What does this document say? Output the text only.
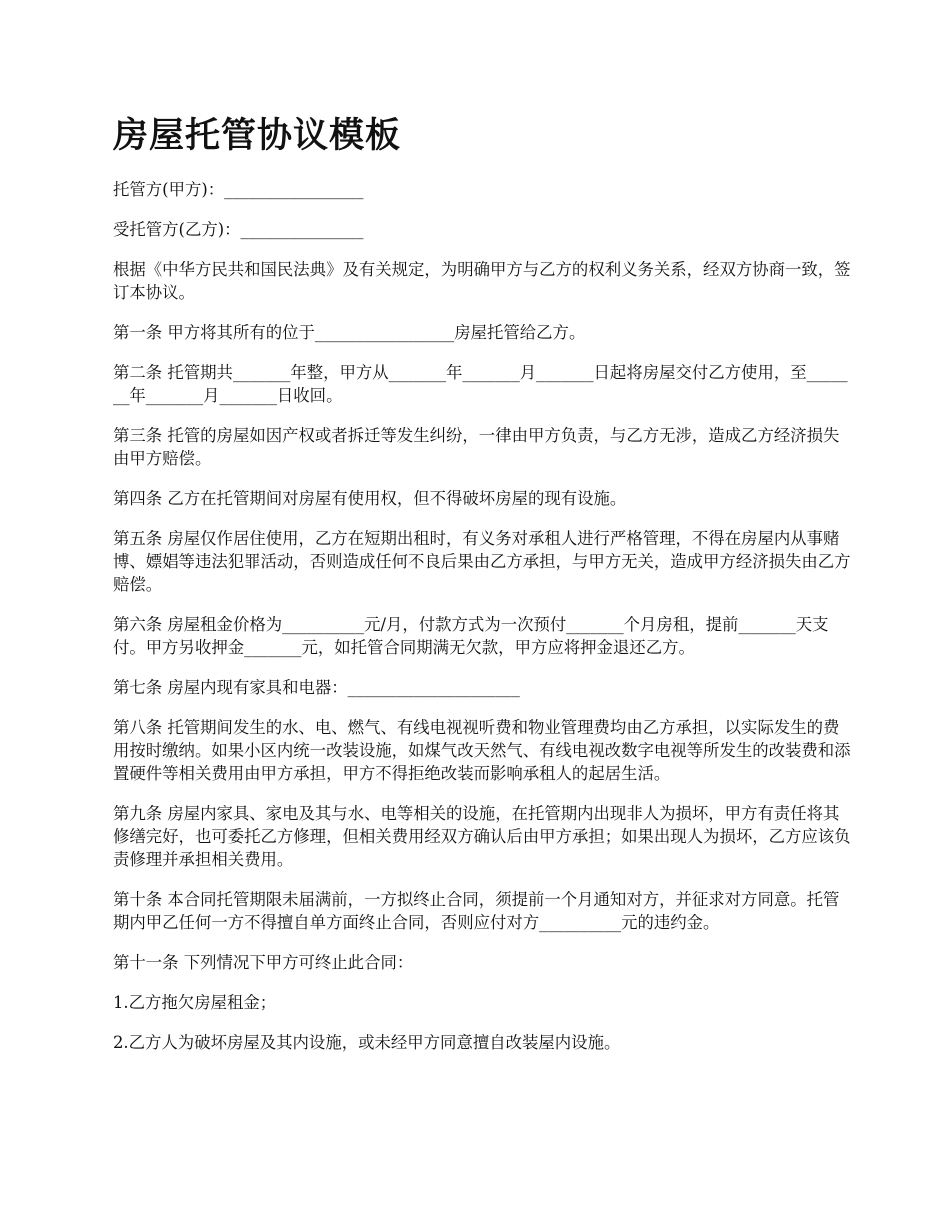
房屋托管协议模板

托管方(甲方)：_________________

受托管方(乙方)：_______________

根据《中华方民共和国民法典》及有关规定，为明确甲方与乙方的权利义务关系，经双方协商一致，签订本协议。

第一条 甲方将其所有的位于_________________房屋托管给乙方。

第二条 托管期共_______年整，甲方从_______年_______月_______日起将房屋交付乙方使用，至_______年_______月_______日收回。

第三条 托管的房屋如因产权或者拆迁等发生纠纷，一律由甲方负责，与乙方无涉，造成乙方经济损失由甲方赔偿。

第四条 乙方在托管期间对房屋有使用权，但不得破坏房屋的现有设施。

第五条 房屋仅作居住使用，乙方在短期出租时，有义务对承租人进行严格管理，不得在房屋内从事赌博、嫖娼等违法犯罪活动，否则造成任何不良后果由乙方承担，与甲方无关，造成甲方经济损失由乙方赔偿。

第六条 房屋租金价格为__________元/月，付款方式为一次预付_______个月房租，提前_______天支付。甲方另收押金_______元，如托管合同期满无欠款，甲方应将押金退还乙方。

第七条 房屋内现有家具和电器：_____________________

第八条 托管期间发生的水、电、燃气、有线电视视听费和物业管理费均由乙方承担，以实际发生的费用按时缴纳。如果小区内统一改装设施，如煤气改天然气、有线电视改数字电视等所发生的改装费和添置硬件等相关费用由甲方承担，甲方不得拒绝改装而影响承租人的起居生活。

第九条 房屋内家具、家电及其与水、电等相关的设施，在托管期内出现非人为损坏，甲方有责任将其修缮完好，也可委托乙方修理，但相关费用经双方确认后由甲方承担；如果出现人为损坏，乙方应该负责修理并承担相关费用。

第十条 本合同托管期限未届满前，一方拟终止合同，须提前一个月通知对方，并征求对方同意。托管期内甲乙任何一方不得擅自单方面终止合同，否则应付对方__________元的违约金。

第十一条 下列情况下甲方可终止此合同：

1.乙方拖欠房屋租金；

2.乙方人为破坏房屋及其内设施，或未经甲方同意擅自改装屋内设施。
